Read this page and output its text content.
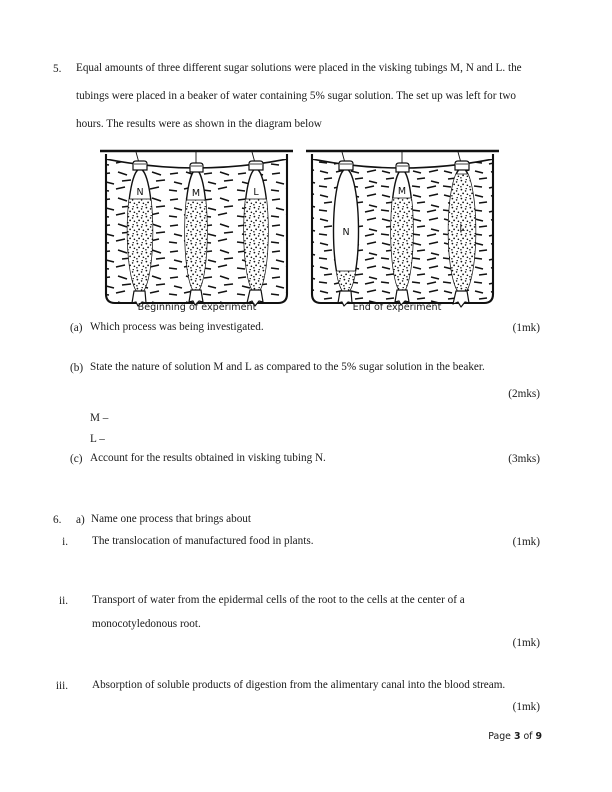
5. Equal amounts of three different sugar solutions were placed in the visking tubings M, N and L. the
tubings were placed in a beaker of water containing 5% sugar solution. The set up was left for two
hours. The results were as shown in the diagram below
N	M	L
N
M
L
Beginning of experiment	End of experiment
(a) Which process was being investigated.	(1mk)
(b) State the nature of solution M and L as compared to the 5% sugar solution in the beaker.
(2mks)
M –
L –
(c) Account for the results obtained in visking tubing N.	(3mks)
6. a) Name one process that brings about
i. The translocation of manufactured food in plants.	(1mk)
ii. Transport of water from the epidermal cells of the root to the cells at the center of a
monocotyledonous root.
(1mk)
iii. Absorption of soluble products of digestion from the alimentary canal into the blood stream.
(1mk)
Page 3 of 9
